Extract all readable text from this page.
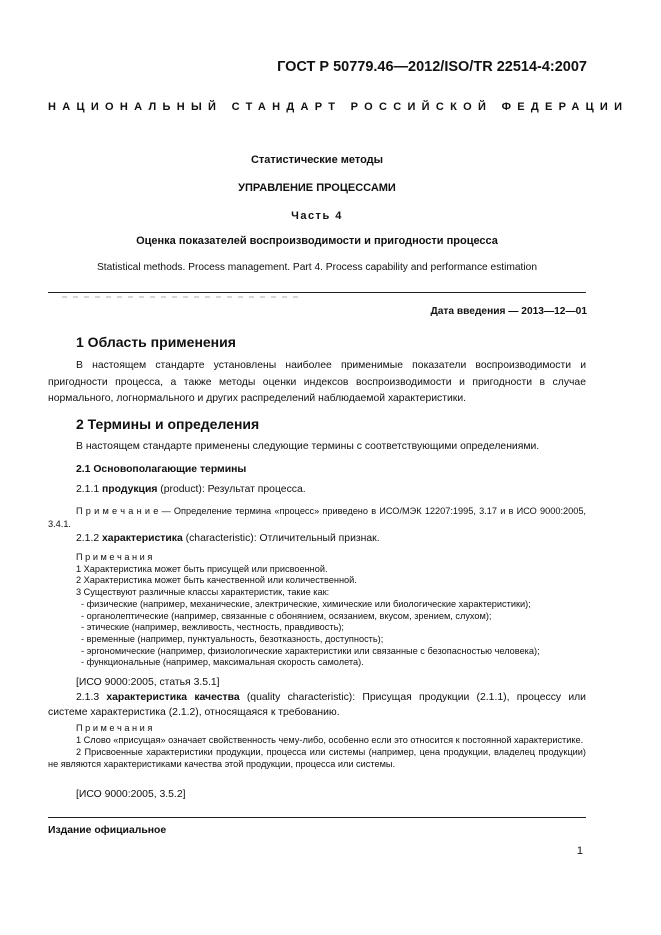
ГОСТ Р 50779.46—2012/ISO/TR 22514-4:2007
НАЦИОНАЛЬНЫЙ СТАНДАРТ РОССИЙСКОЙ ФЕДЕРАЦИИ
Статистические методы
УПРАВЛЕНИЕ ПРОЦЕССАМИ
Часть 4
Оценка показателей воспроизводимости и пригодности процесса
Statistical methods. Process management. Part 4. Process capability and performance estimation
Дата введения — 2013—12—01
1 Область применения

В настоящем стандарте установлены наиболее применимые показатели воспроизводимости и пригодности процесса, а также методы оценки индексов воспроизводимости и пригодности в случае нормального, логнормального и других распределений наблюдаемой характеристики.

2 Термины и определения

В настоящем стандарте применены следующие термины с соответствующими определениями.

2.1 Основополагающие термины
2.1.1 продукция (product): Результат процесса.

П р и м е ч а н и е — Определение термина «процесс» приведено в ИСО/МЭК 12207:1995, 3.17 и в ИСО 9000:2005, 3.4.1.

2.1.2 характеристика (characteristic): Отличительный признак.
П р и м е ч а н и я
1 Характеристика может быть присущей или присвоенной.
2 Характеристика может быть качественной или количественной.
3 Существуют различные классы характеристик, такие как:
- физические (например, механические, электрические, химические или биологические характеристики);
- органолептические (например, связанные с обонянием, осязанием, вкусом, зрением, слухом);
- этические (например, вежливость, честность, правдивость);
- временные (например, пунктуальность, безотказность, доступность);
- эргономические (например, физиологические характеристики или связанные с безопасностью человека);
- функциональные (например, максимальная скорость самолета).
[ИСО 9000:2005, статья 3.5.1]

2.1.3 характеристика качества (quality characteristic): Присущая продукции (2.1.1), процессу или системе характеристика (2.1.2), относящаяся к требованию.

П р и м е ч а н и я

1 Слово «присущая» означает свойственность чему-либо, особенно если это относится к постоянной характеристике.

2 Присвоенные характеристики продукции, процесса или системы (например, цена продукции, владелец продукции) не являются характеристиками качества этой продукции, процесса или системы.

[ИСО 9000:2005, 3.5.2]
Издание официальное
1
